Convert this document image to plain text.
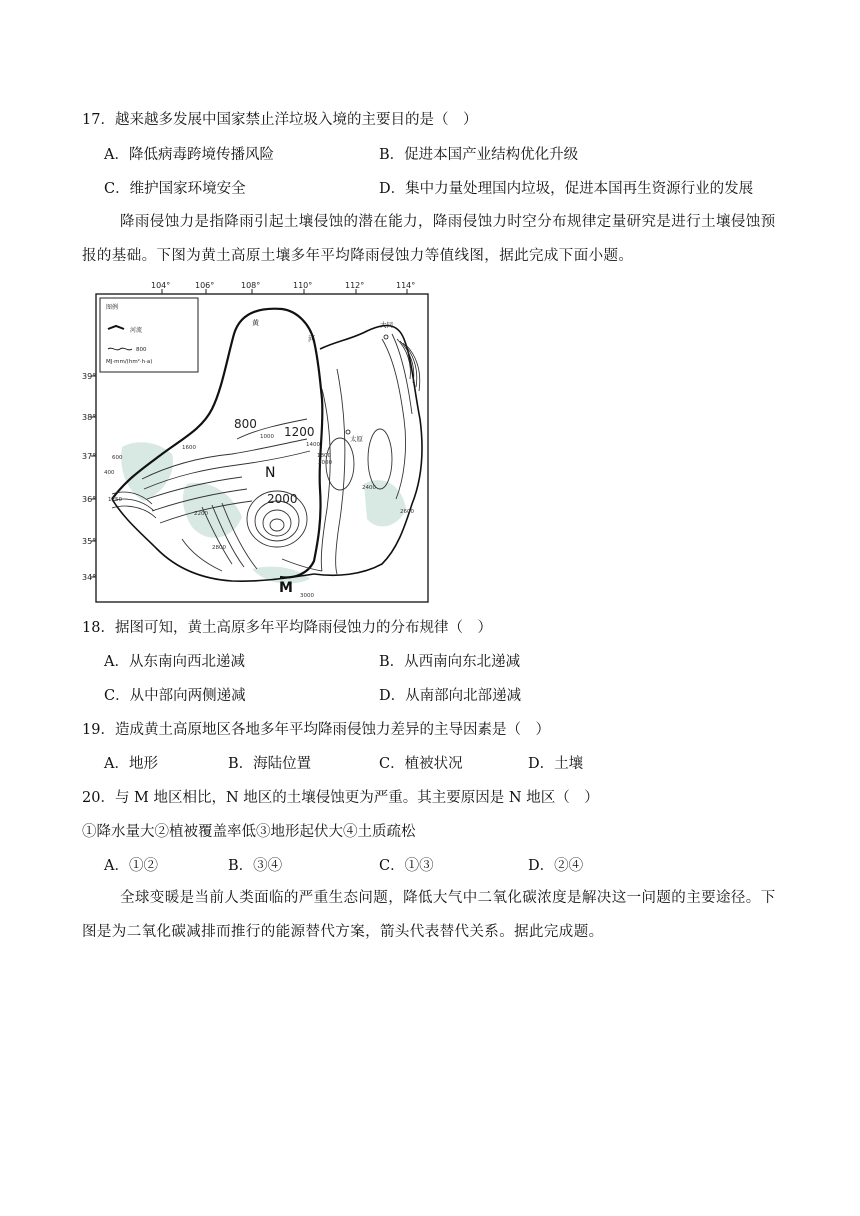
17．越来越多发展中国家禁止洋垃圾入境的主要目的是（　）
A．降低病毒跨境传播风险	B．促进本国产业结构优化升级
C．维护国家环境安全	D．集中力量处理国内垃圾，促进本国再生资源行业的发展
降雨侵蚀力是指降雨引起土壤侵蚀的潜在能力，降雨侵蚀力时空分布规律定量研究是进行土壤侵蚀预
报的基础。下图为黄土高原土壤多年平均降雨侵蚀力等值线图，据此完成下面小题。
104°	106°	108°	110°	112°	114°
39°
38°
37°
36°
35°
34°
图例
河流
800
MJ·mm/(hm²·h·a)
黄
河
大同
太原
N
M
800
1200
2000
1000
1400
1600
1800
2000
2200
2400
2600
2800
3000
600
400
1250
18．据图可知，黄土高原多年平均降雨侵蚀力的分布规律（　）
A．从东南向西北递减	B．从西南向东北递减
C．从中部向两侧递减	D．从南部向北部递减
19．造成黄土高原地区各地多年平均降雨侵蚀力差异的主导因素是（　）
A．地形	B．海陆位置	C．植被状况	D．土壤
20．与 M 地区相比，N 地区的土壤侵蚀更为严重。其主要原因是 N 地区（　）
①降水量大②植被覆盖率低③地形起伏大④土质疏松
A．①②	B．③④	C．①③	D．②④
全球变暖是当前人类面临的严重生态问题，降低大气中二氧化碳浓度是解决这一问题的主要途径。下
图是为二氧化碳减排而推行的能源替代方案，箭头代表替代关系。据此完成题。
